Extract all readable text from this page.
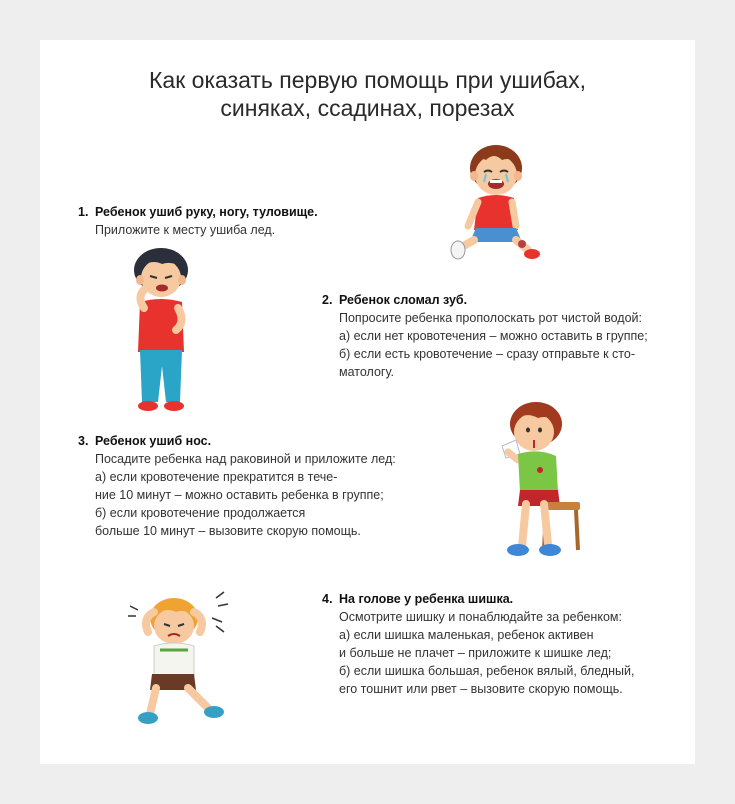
Как оказать первую помощь при ушибах,
синяках, ссадинах, порезах
1. Ребенок ушиб руку, ногу, туловище.
Приложите к месту ушиба лед.
2. Ребенок сломал зуб.
Попросите ребенка прополоскать рот чистой водой:
а) если нет кровотечения – можно оставить в группе;
б) если есть кровотечение – сразу отправьте к сто-
матологу.
3. Ребенок ушиб нос.
Посадите ребенка над раковиной и приложите лед:
а) если кровотечение прекратится в тече-
ние 10 минут – можно оставить ребенка в группе;
б) если кровотечение продолжается
больше 10 минут – вызовите скорую помощь.
4. На голове у ребенка шишка.
Осмотрите шишку и понаблюдайте за ребенком:
а) если шишка маленькая, ребенок активен
и больше не плачет – приложите к шишке лед;
б) если шишка большая, ребенок вялый, бледный,
его тошнит или рвет – вызовите скорую помощь.
